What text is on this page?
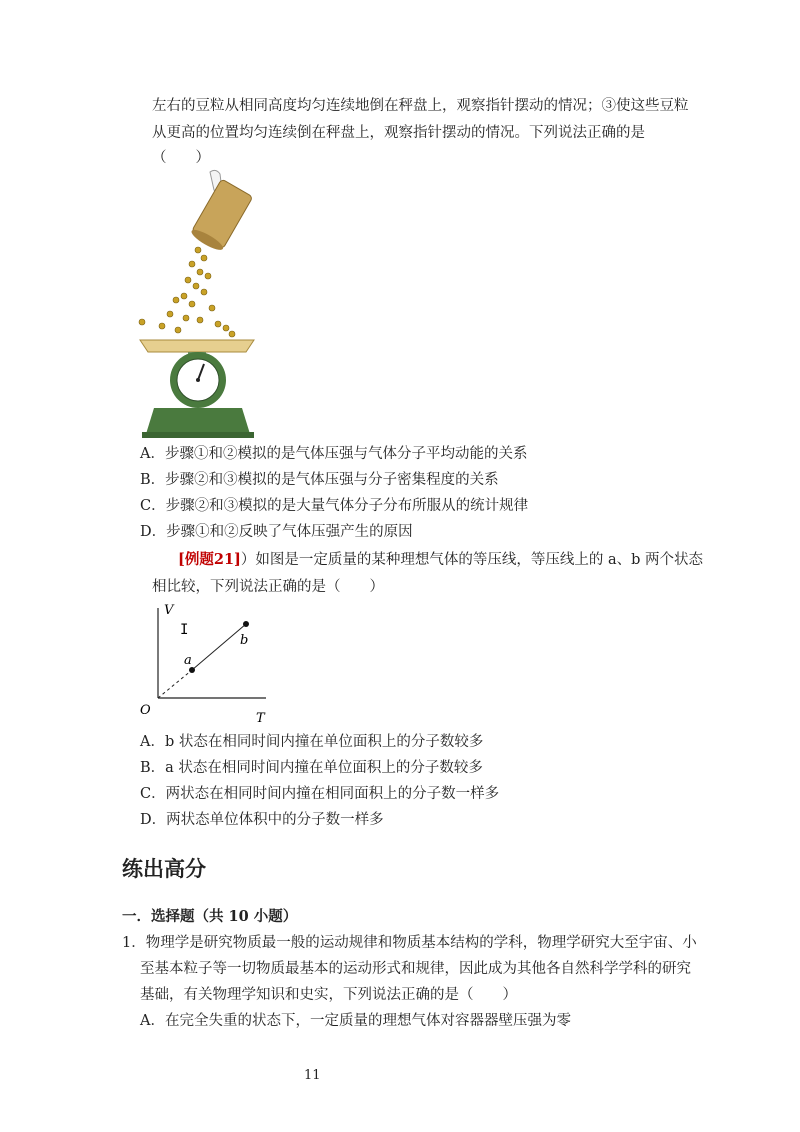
左右的豆粒从相同高度均匀连续地倒在秤盘上，观察指针摆动的情况；③使这些豆粒
从更高的位置均匀连续倒在秤盘上，观察指针摆动的情况。下列说法正确的是
（　　）
A．步骤①和②模拟的是气体压强与气体分子平均动能的关系
B．步骤②和③模拟的是气体压强与分子密集程度的关系
C．步骤②和③模拟的是大量气体分子分布所服从的统计规律
D．步骤①和②反映了气体压强产生的原因
[例题21]）如图是一定质量的某种理想气体的等压线，等压线上的 a、b 两个状态
相比较，下列说法正确的是（　　）
V
T
O
a
b
I
A．b 状态在相同时间内撞在单位面积上的分子数较多
B．a 状态在相同时间内撞在单位面积上的分子数较多
C．两状态在相同时间内撞在相同面积上的分子数一样多
D．两状态单位体积中的分子数一样多
练出高分
一．选择题（共 10 小题）
1．物理学是研究物质最一般的运动规律和物质基本结构的学科，物理学研究大至宇宙、小
至基本粒子等一切物质最基本的运动形式和规律，因此成为其他各自然科学学科的研究
基础，有关物理学知识和史实，下列说法正确的是（　　）
A．在完全失重的状态下，一定质量的理想气体对容器器壁压强为零
11
